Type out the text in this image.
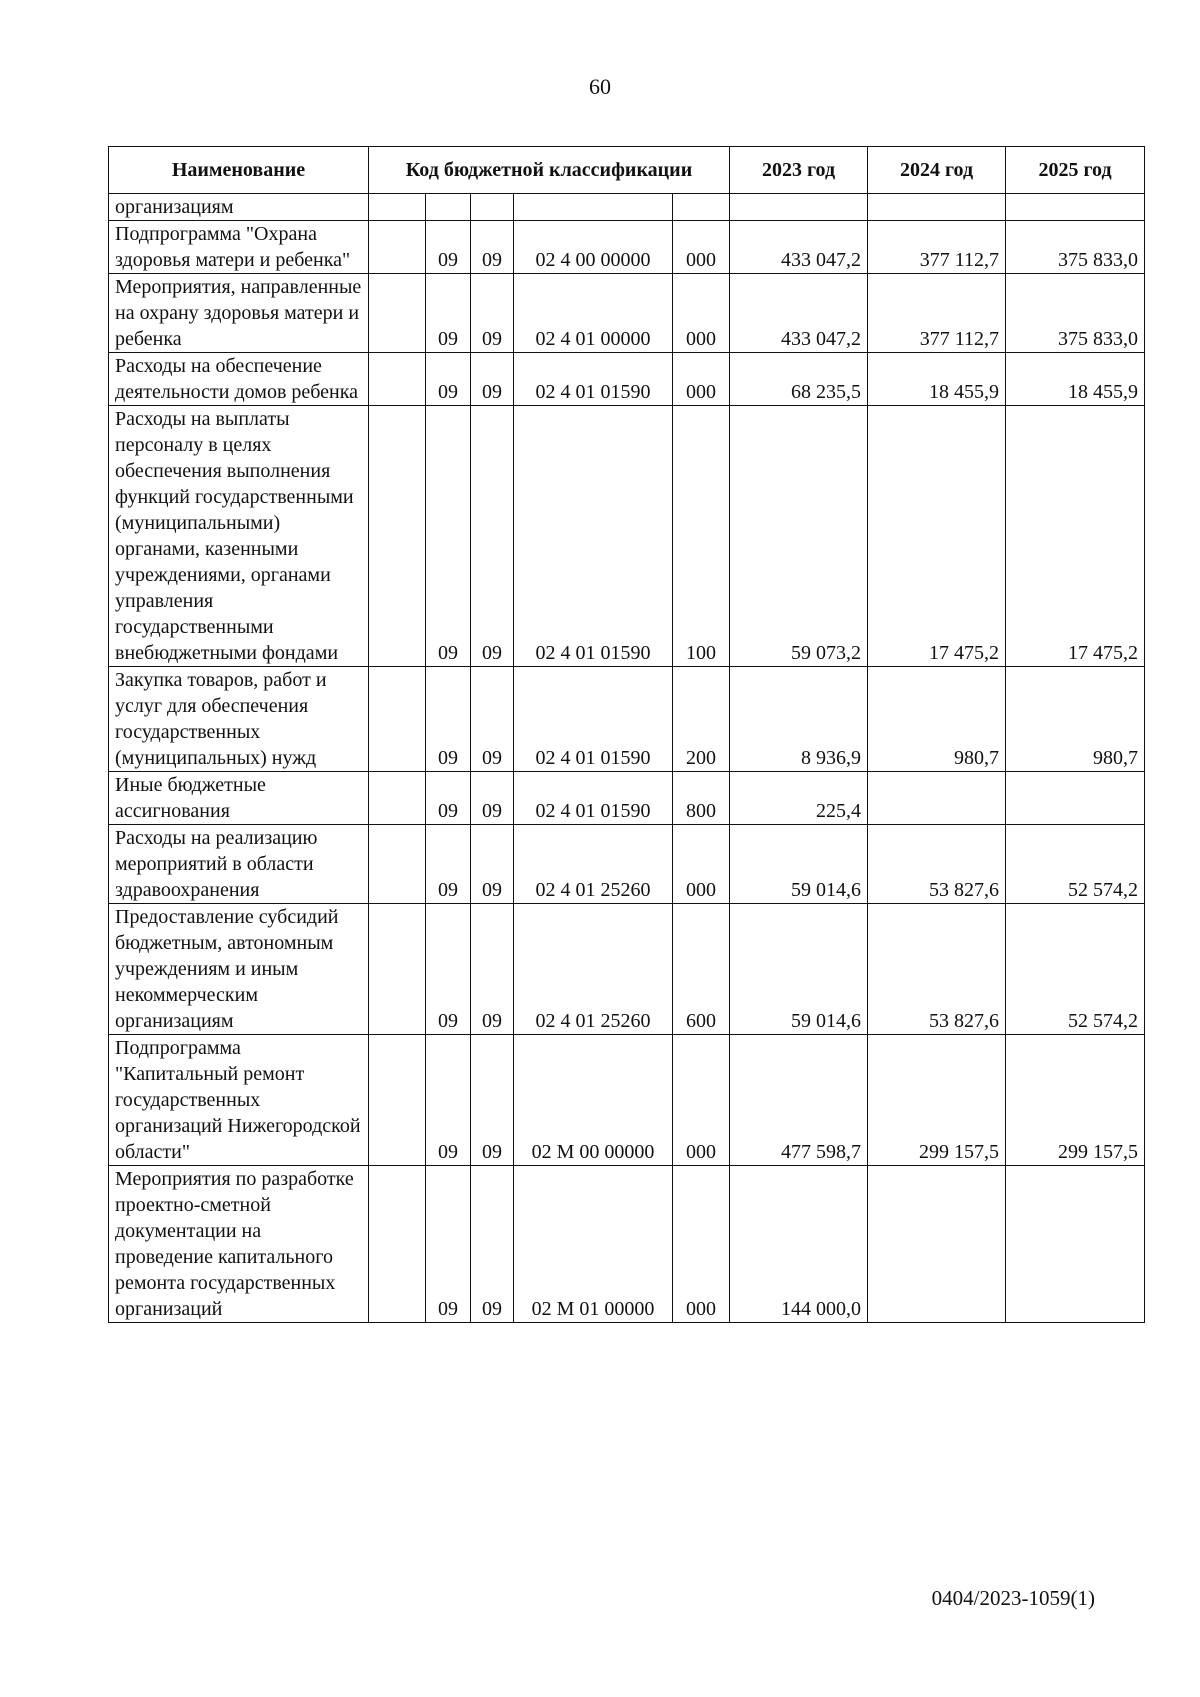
60
Наименование	Код бюджетной классификации					2023 год	2024 год	2025 год
организациям								
Подпрограмма "Охрана здоровья матери и ребенка"		09	09	02 4 00 00000	000	433 047,2	377 112,7	375 833,0
Мероприятия, направленные на охрану здоровья матери и ребенка		09	09	02 4 01 00000	000	433 047,2	377 112,7	375 833,0
Расходы на обеспечение деятельности домов ребенка		09	09	02 4 01 01590	000	68 235,5	18 455,9	18 455,9
Расходы на выплаты персоналу в целях обеспечения выполнения функций государственными (муниципальными) органами, казенными учреждениями, органами управления государственными внебюджетными фондами		09	09	02 4 01 01590	100	59 073,2	17 475,2	17 475,2
Закупка товаров, работ и услуг для обеспечения государственных (муниципальных) нужд		09	09	02 4 01 01590	200	8 936,9	980,7	980,7
Иные бюджетные ассигнования		09	09	02 4 01 01590	800	225,4		
Расходы на реализацию мероприятий в области здравоохранения		09	09	02 4 01 25260	000	59 014,6	53 827,6	52 574,2
Предоставление субсидий бюджетным, автономным учреждениям и иным некоммерческим организациям		09	09	02 4 01 25260	600	59 014,6	53 827,6	52 574,2
Подпрограмма "Капитальный ремонт государственных организаций Нижегородской области"		09	09	02 М 00 00000	000	477 598,7	299 157,5	299 157,5
Мероприятия по разработке проектно-сметной документации на проведение капитального ремонта государственных организаций		09	09	02 М 01 00000	000	144 000,0		
0404/2023-1059(1)
